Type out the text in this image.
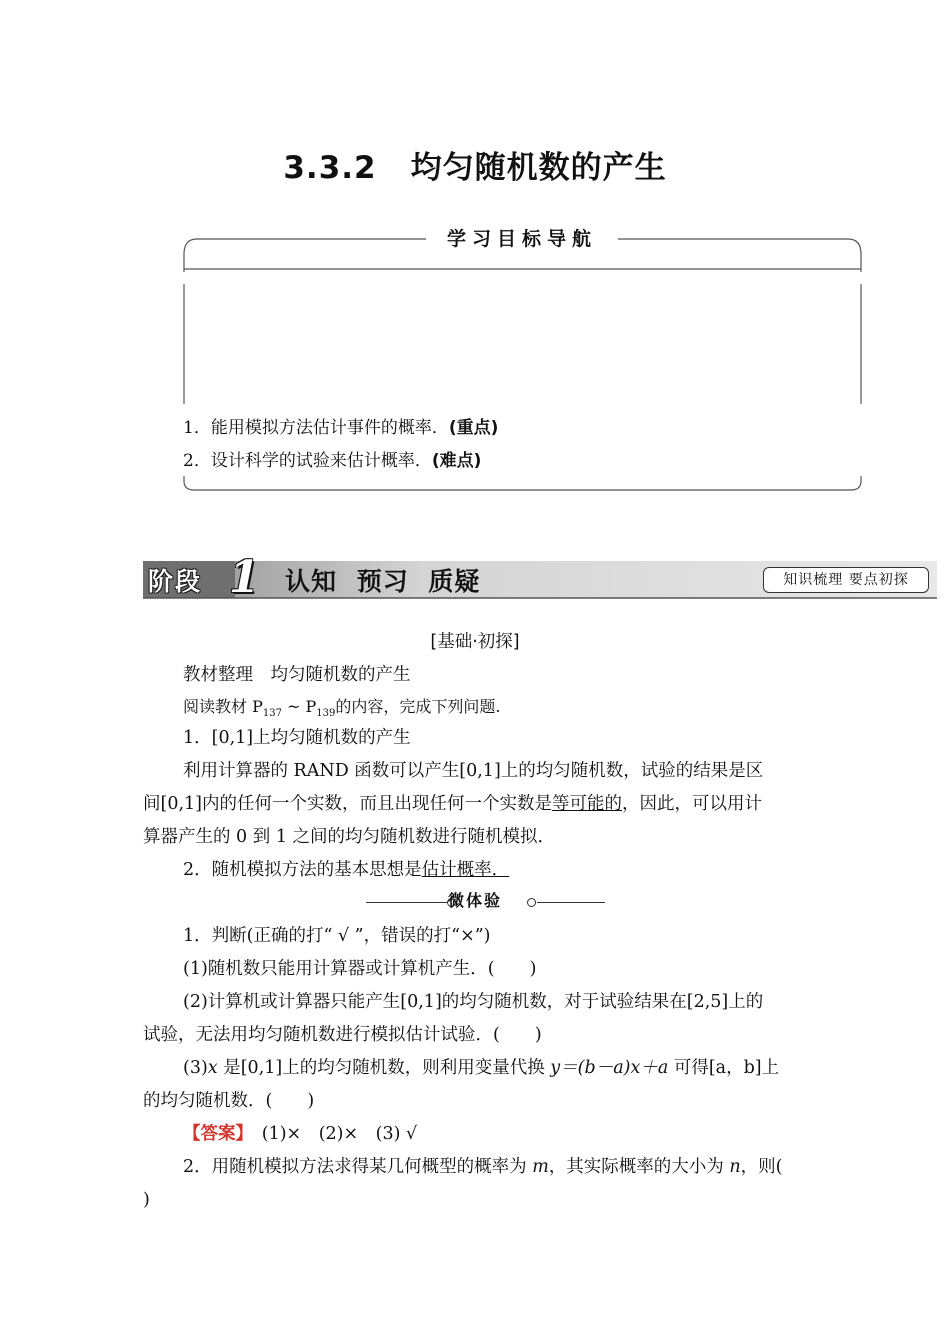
3.3.2 均匀随机数的产生
学习目标导航
1．能用模拟方法估计事件的概率．(重点)
2．设计科学的试验来估计概率．(难点)
阶段 1 认知 预习 质疑	知识梳理 要点初探
[基础·初探]
教材整理　均匀随机数的产生
阅读教材 $P_{137}$ ~ $P_{139}$的内容，完成下列问题.
1．[0,1]上均匀随机数的产生
利用计算器的 RAND 函数可以产生[0,1]上的均匀随机数，试验的结果是区
间[0,1]内的任何一个实数，而且出现任何一个实数是等可能的，因此，可以用计
算器产生的 0 到 1 之间的均匀随机数进行随机模拟．
2．随机模拟方法的基本思想是估计概率．
微体验
1．判断(正确的打“ √ ”，错误的打“×”)
(1)随机数只能用计算器或计算机产生．(　　)
(2)计算机或计算器只能产生[0,1]的均匀随机数，对于试验结果在[2,5]上的
试验，无法用均匀随机数进行模拟估计试验．(　　)
(3)x 是[0,1]上的均匀随机数，则利用变量代换 y＝(b－a)x＋a 可得[a，b]上
的均匀随机数．(　　)
【答案】　 (1)×　(2)×　(3) √
2．用随机模拟方法求得某几何概型的概率为 m，其实际概率的大小为 n，则(
)
